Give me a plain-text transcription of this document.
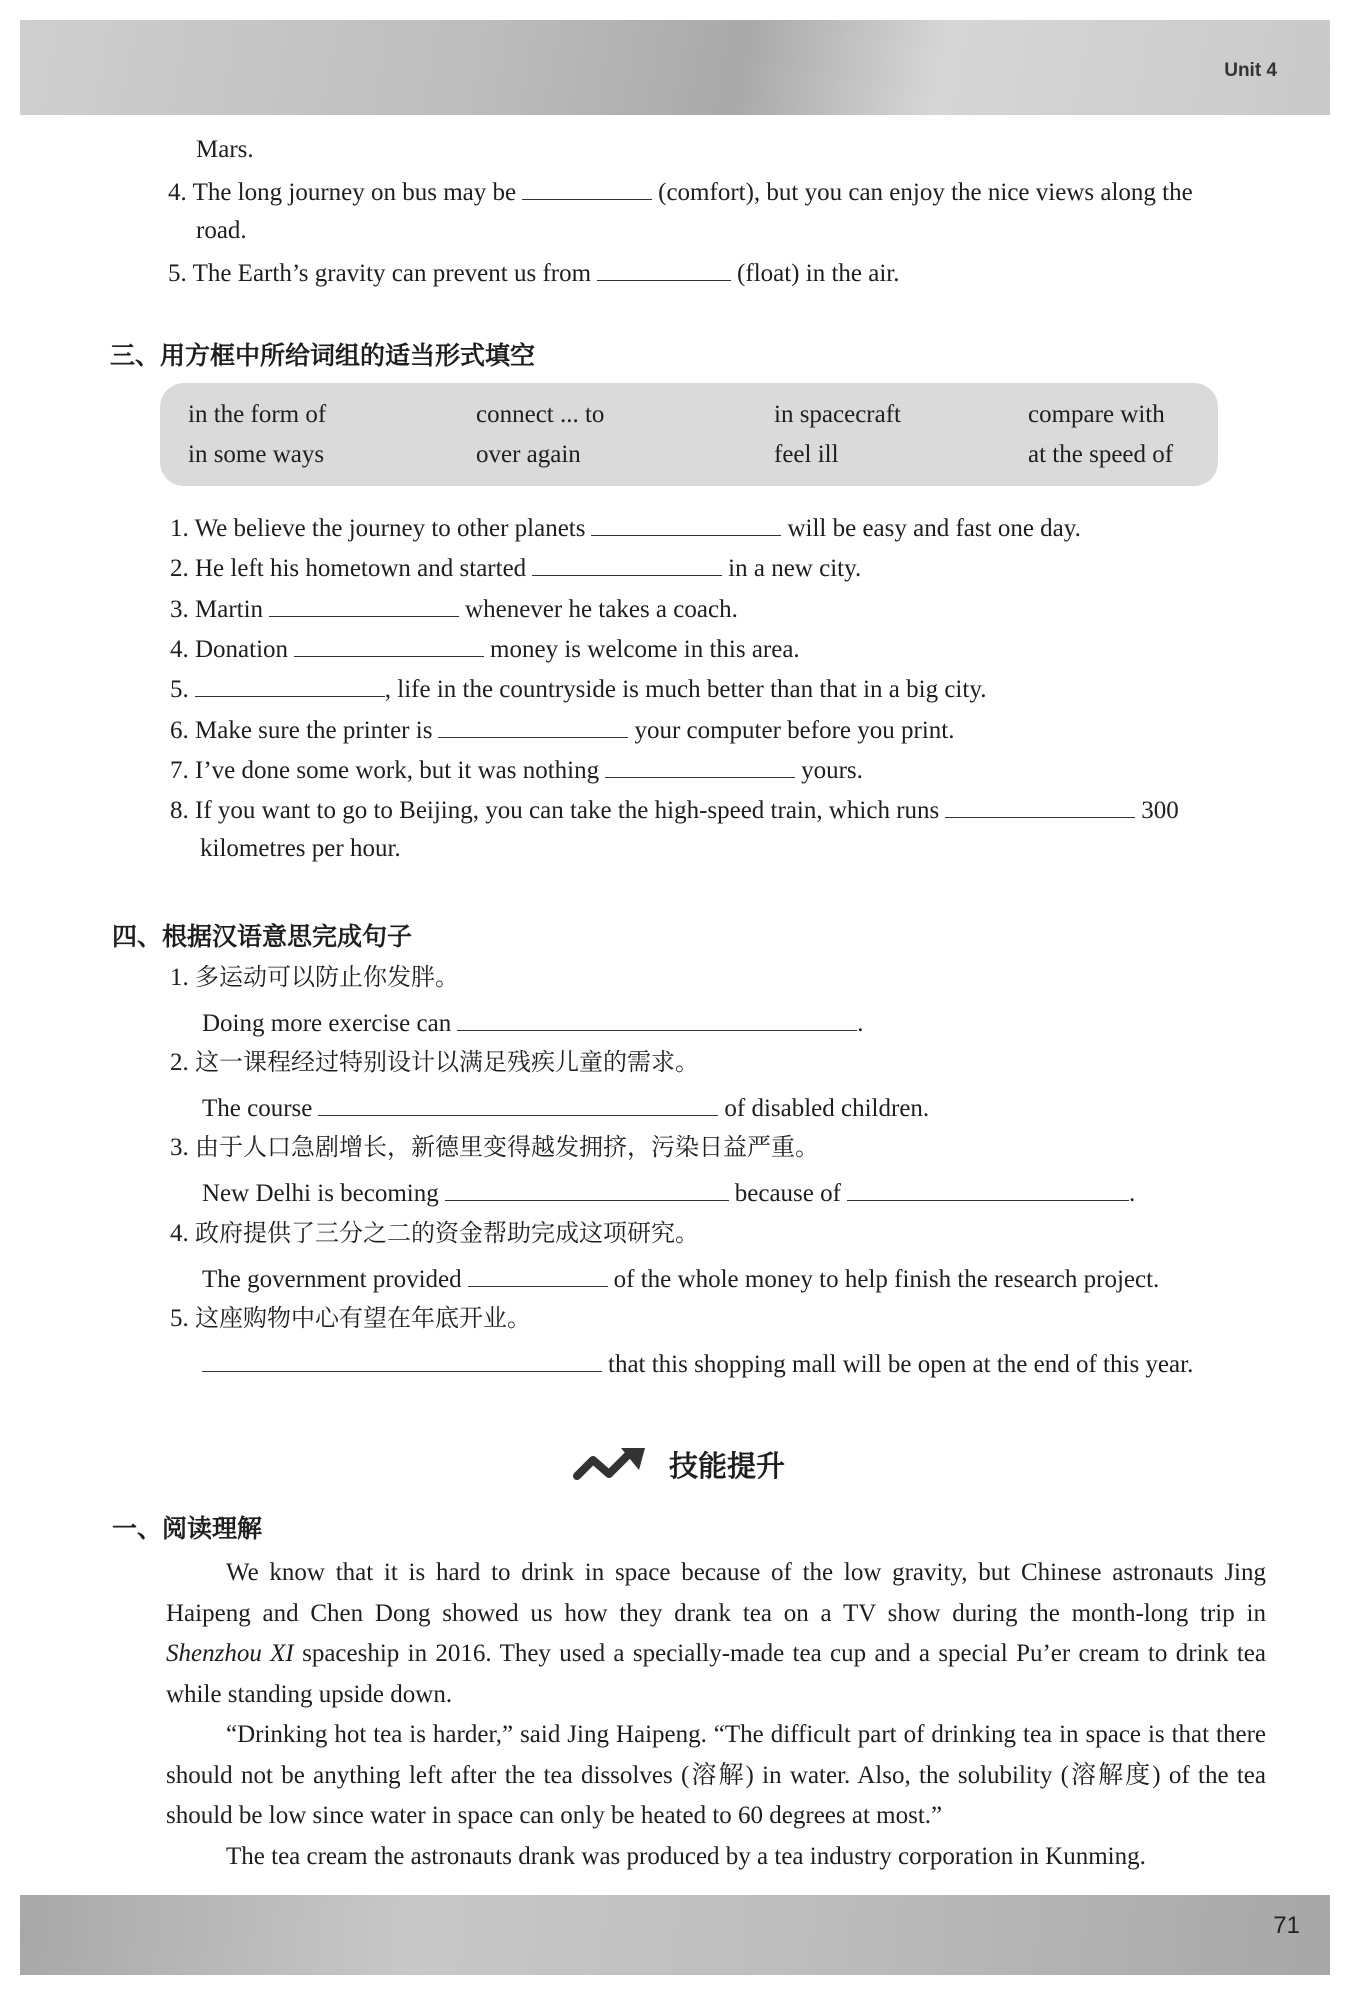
Unit 4
Mars.
4. The long journey on bus may be	(comfort), but you can enjoy the nice views along the
road.
5. The Earth’s gravity can prevent us from	(float) in the air.
三、用方框中所给词组的适当形式填空
in the form of	connect ... to	in spacecraft	compare with
in some ways	over again	feel ill	at the speed of
1. We believe the journey to other planets	will be easy and fast one day.
2. He left his hometown and started	in a new city.
3. Martin	whenever he takes a coach.
4. Donation	money is welcome in this area.
5.	, life in the countryside is much better than that in a big city.
6. Make sure the printer is	your computer before you print.
7. I’ve done some work, but it was nothing	yours.
8. If you want to go to Beijing, you can take the high-speed train, which runs	300
kilometres per hour.
四、根据汉语意思完成句子
1. 多运动可以防止你发胖。
Doing more exercise can	.
2. 这一课程经过特别设计以满足残疾儿童的需求。
The course	of disabled children.
3. 由于人口急剧增长，新德里变得越发拥挤，污染日益严重。
New Delhi is becoming	because of	.
4. 政府提供了三分之二的资金帮助完成这项研究。
The government provided	of the whole money to help finish the research project.
5. 这座购物中心有望在年底开业。
that this shopping mall will be open at the end of this year.
技能提升
一、阅读理解

We know that it is hard to drink in space because of the low gravity, but Chinese astronauts Jing Haipeng and Chen Dong showed us how they drank tea on a TV show during the month-long trip in Shenzhou XI spaceship in 2016. They used a specially-made tea cup and a special Pu’er cream to drink tea while standing upside down.

“Drinking hot tea is harder,” said Jing Haipeng. “The difficult part of drinking tea in space is that there should not be anything left after the tea dissolves (溶解) in water. Also, the solubility (溶解度) of the tea should be low since water in space can only be heated to 60 degrees at most.”

The tea cream the astronauts drank was produced by a tea industry corporation in Kunming.

71
